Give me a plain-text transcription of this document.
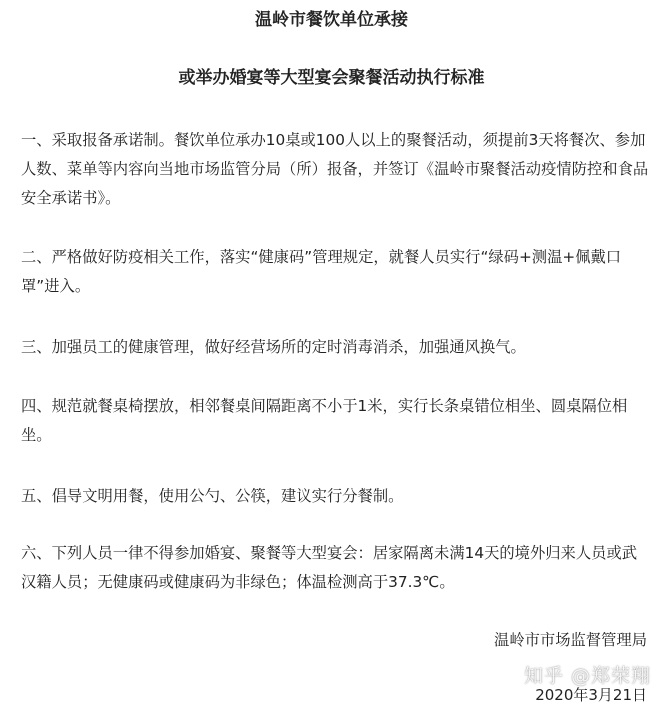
温岭市餐饮单位承接
或举办婚宴等大型宴会聚餐活动执行标准

一、采取报备承诺制。餐饮单位承办10桌或100人以上的聚餐活动，须提前3天将餐次、参加人数、菜单等内容向当地市场监管分局（所）报备，并签订《温岭市聚餐活动疫情防控和食品安全承诺书》。

二、严格做好防疫相关工作，落实“健康码”管理规定，就餐人员实行“绿码+测温+佩戴口罩”进入。

三、加强员工的健康管理，做好经营场所的定时消毒消杀，加强通风换气。

四、规范就餐桌椅摆放，相邻餐桌间隔距离不小于1米，实行长条桌错位相坐、圆桌隔位相坐。

五、倡导文明用餐，使用公勺、公筷，建议实行分餐制。

六、下列人员一律不得参加婚宴、聚餐等大型宴会：居家隔离未满14天的境外归来人员或武汉籍人员；无健康码或健康码为非绿色；体温检测高于37.3℃。

温岭市市场监督管理局

2020年3月21日

知乎 @郑荣翔
